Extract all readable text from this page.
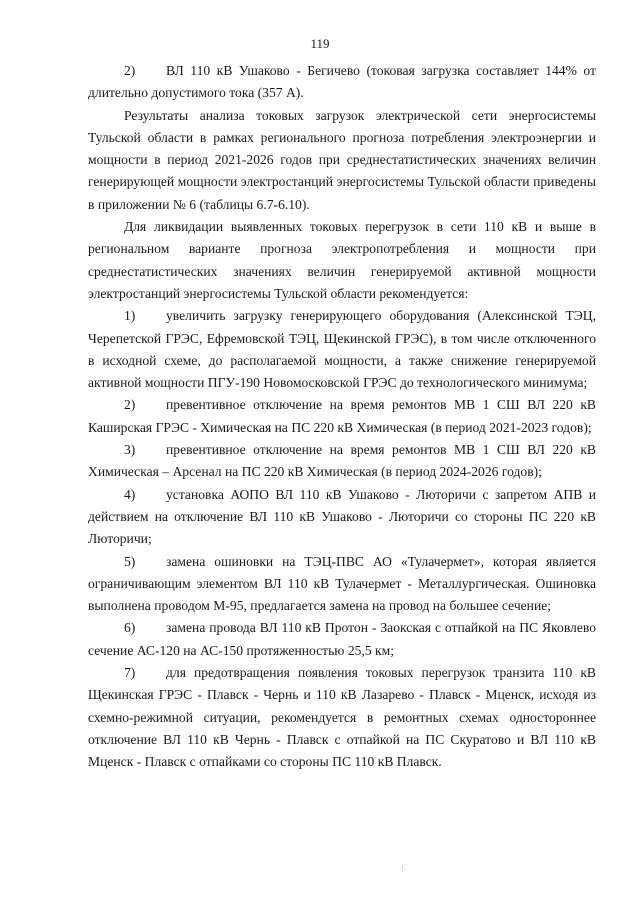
119

2) ВЛ 110 кВ Ушаково - Бегичево (токовая загрузка составляет 144% от длительно допустимого тока (357 А).

Результаты анализа токовых загрузок электрической сети энергосистемы Тульской области в рамках регионального прогноза потребления электроэнергии и мощности в период 2021-2026 годов при среднестатистических значениях величин генерирующей мощности электростанций энергосистемы Тульской области приведены в приложении № 6 (таблицы 6.7-6.10).

Для ликвидации выявленных токовых перегрузок в сети 110 кВ и выше в региональном варианте прогноза электропотребления и мощности при среднестатистических значениях величин генерируемой активной мощности электростанций энергосистемы Тульской области рекомендуется:

1) увеличить загрузку генерирующего оборудования (Алексинской ТЭЦ, Черепетской ГРЭС, Ефремовской ТЭЦ, Щекинской ГРЭС), в том числе отключенного в исходной схеме, до располагаемой мощности, а также снижение генерируемой активной мощности ПГУ-190 Новомосковской ГРЭС до технологического минимума;

2) превентивное отключение на время ремонтов МВ 1 СШ ВЛ 220 кВ Каширская ГРЭС - Химическая на ПС 220 кВ Химическая (в период 2021-2023 годов);

3) превентивное отключение на время ремонтов МВ 1 СШ ВЛ 220 кВ Химическая – Арсенал на ПС 220 кВ Химическая (в период 2024-2026 годов);

4) установка АОПО ВЛ 110 кВ Ушаково - Лютоpичи с запретом АПВ и действием на отключение ВЛ 110 кВ Ушаково - Лютоpичи со стороны ПС 220 кВ Лютоpичи;

5) замена ошиновки на ТЭЦ-ПВС АО «Тулачермет», которая является ограничивающим элементом ВЛ 110 кВ Тулачермет - Металлургическая. Ошиновка выполнена проводом М-95, предлагается замена на провод на большее сечение;

6) замена провода ВЛ 110 кВ Протон - Заокская с отпайкой на ПС Яковлево сечение АС-120 на АС-150 протяженностью 25,5 км;

7) для предотвращения появления токовых перегрузок транзита 110 кВ Щекинская ГРЭС - Плавск - Чернь и 110 кВ Лазарево - Плавск - Мценск, исходя из схемно-режимной ситуации, рекомендуется в ремонтных схемах одностороннее отключение ВЛ 110 кВ Чернь - Плавск с отпайкой на ПС Скуратово и ВЛ 110 кВ Мценск - Плавск с отпайками со стороны ПС 110 кВ Плавск.
